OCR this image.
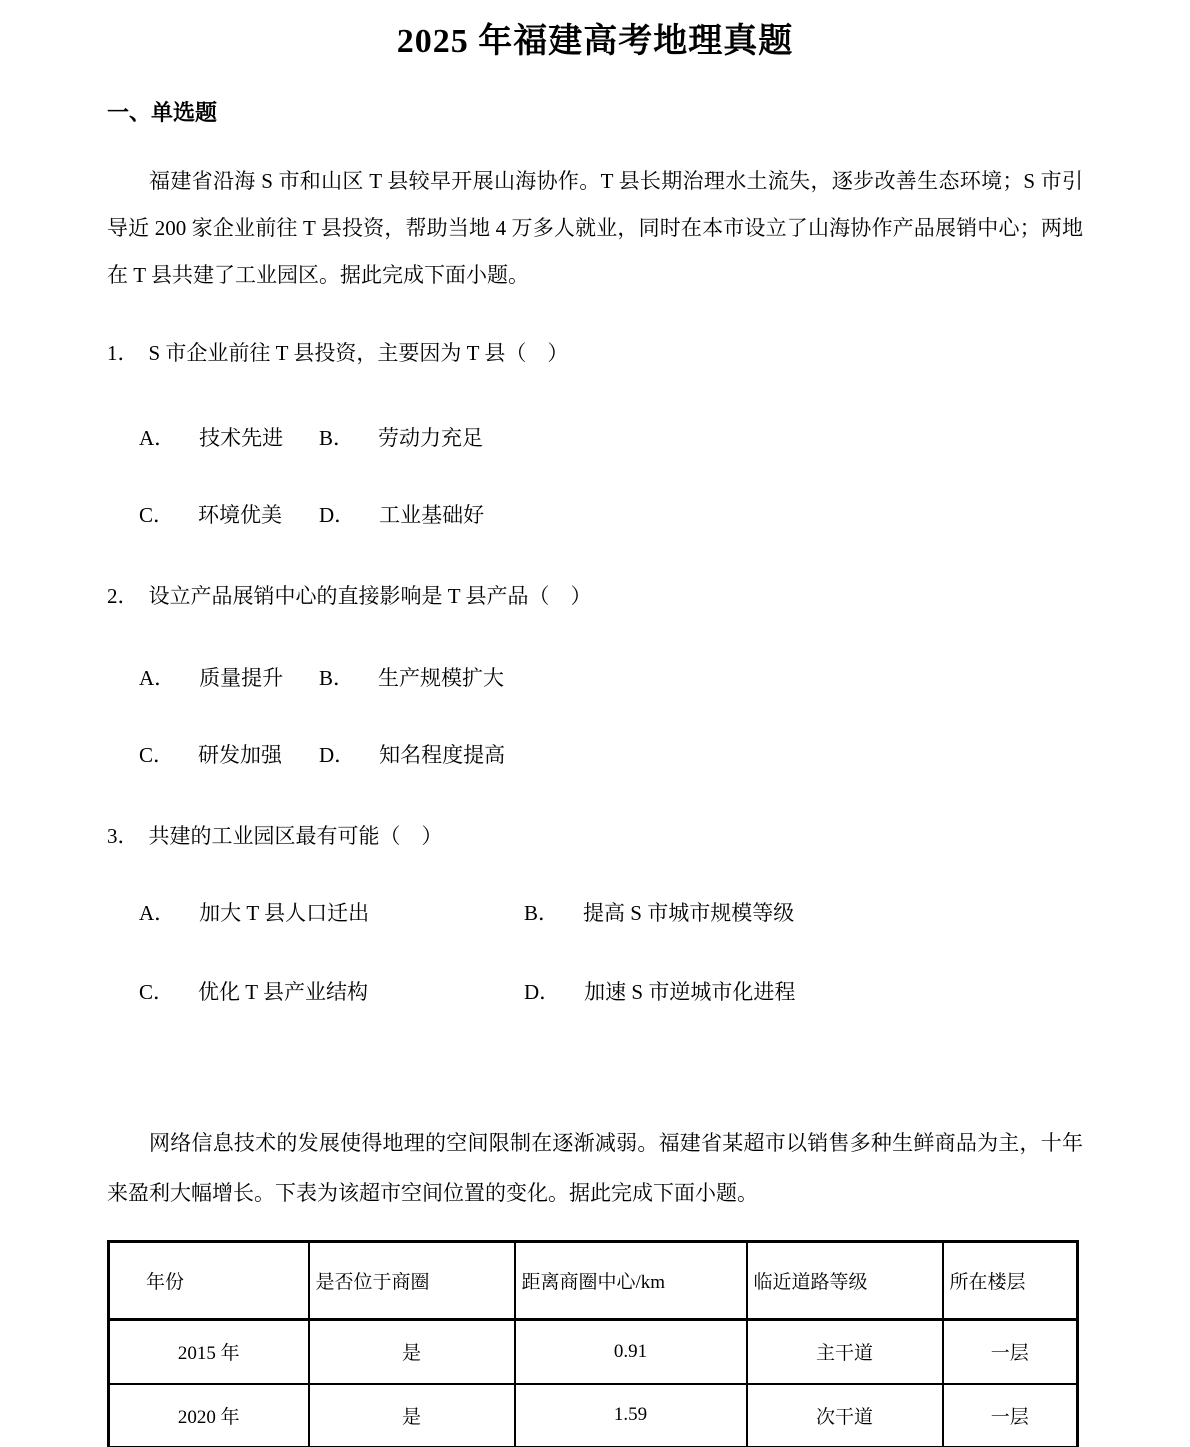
2025 年福建高考地理真题
一、单选题

福建省沿海 S 市和山区 T 县较早开展山海协作。T 县长期治理水土流失，逐步改善生态环境；S 市引导近 200 家企业前往 T 县投资，帮助当地 4 万多人就业，同时在本市设立了山海协作产品展销中心；两地在 T 县共建了工业园区。据此完成下面小题。

1． S 市企业前往 T 县投资，主要因为 T 县（　）
A． 技术先进 B． 劳动力充足
C． 环境优美 D． 工业基础好
2． 设立产品展销中心的直接影响是 T 县产品（　）
A． 质量提升 B． 生产规模扩大
C． 研发加强 D． 知名程度提高
3． 共建的工业园区最有可能（　）
A． 加大 T 县人口迁出	B． 提高 S 市城市规模等级
C． 优化 T 县产业结构	D． 加速 S 市逆城市化进程

网络信息技术的发展使得地理的空间限制在逐渐减弱。福建省某超市以销售多种生鲜商品为主，十年来盈利大幅增长。下表为该超市空间位置的变化。据此完成下面小题。

年份	是否位于商圈	距离商圈中心/km	临近道路等级	所在楼层
2015 年	是	0.91	主干道	一层
2020 年	是	1.59	次干道	一层
